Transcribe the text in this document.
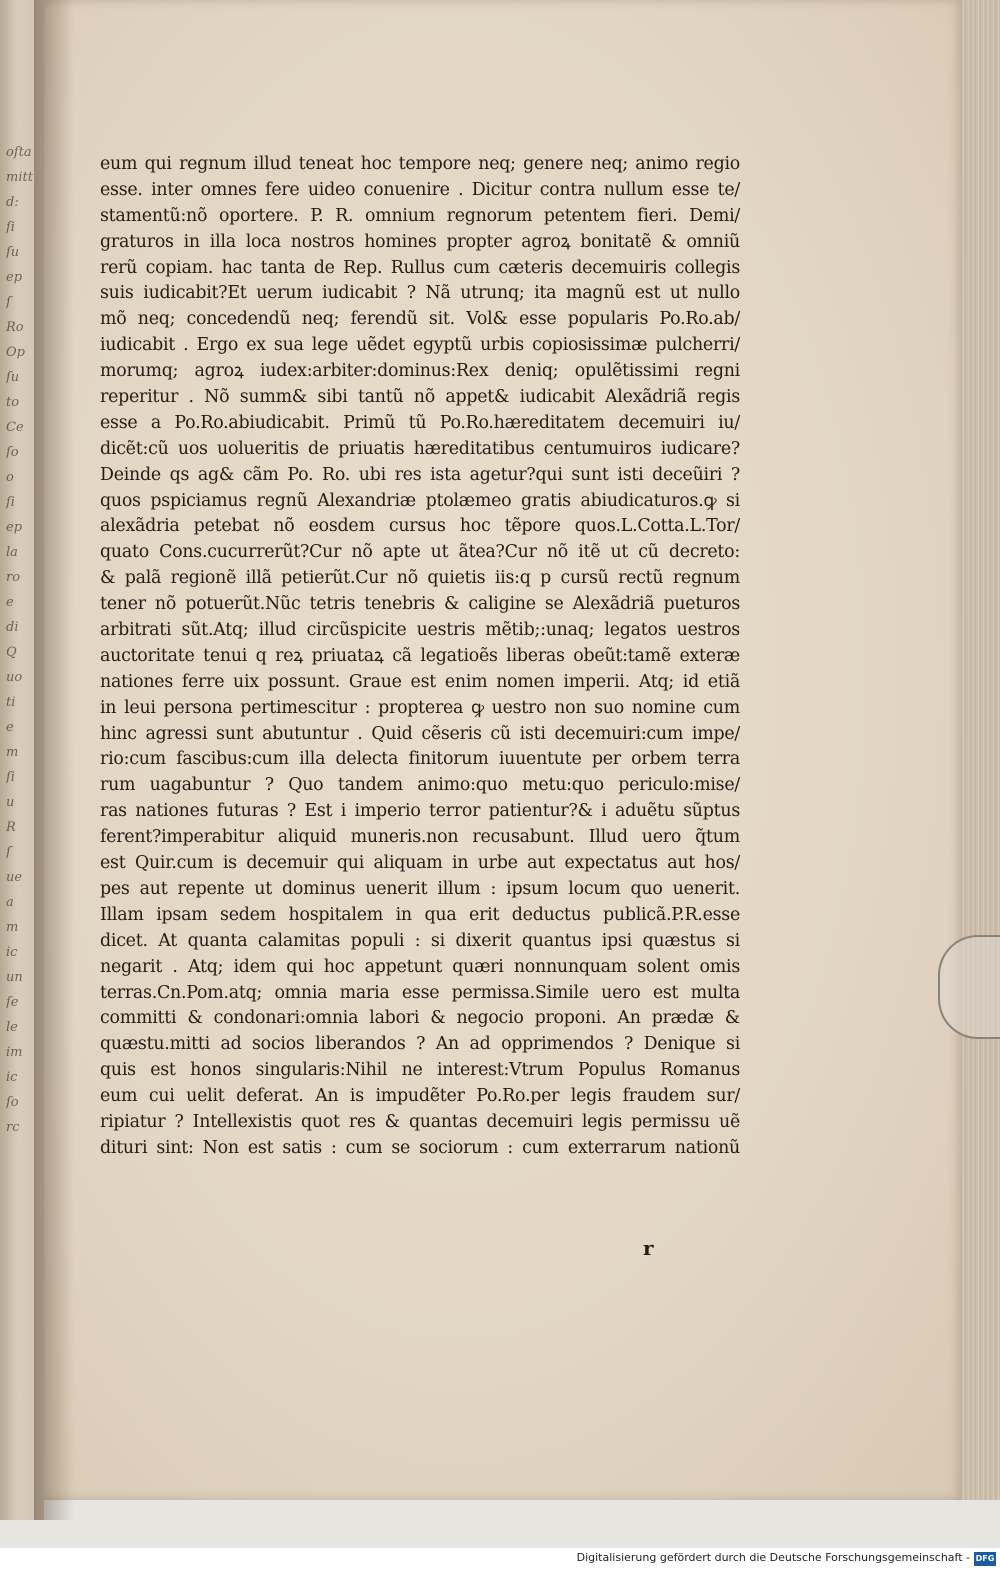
oſta
mitt
d:
ſi
ſu
ep
ſ
Ro
Op
ſu
to
Ce
ſo
o
ſi
ep
la
ro
e
di
Q
uo
ti
e
m
ſi
u
R
ſ
ue
a
m
ic
un
ſe
le
im
ic
ſo
rc
eum qui regnum illud teneat hoc tempore neq; genere neq; animo regio
esse. inter omnes fere uideo conuenire . Dicitur contra nullum esse te/
stamentũ:nõ oportere. P. R. omnium regnorum petentem fieri. Demi/
graturos in illa loca nostros homines propter agroꝝ bonitatẽ & omniũ
rerũ copiam. hac tanta de Rep. Rullus cum cæteris decemuiris collegis
suis iudicabit?Et uerum iudicabit ? Nã utrunq; ita magnũ est ut nullo
mõ neq; concedendũ neq; ferendũ sit. Vol& esse popularis Po.Ro.ab/
iudicabit . Ergo ex sua lege uẽdet egyptũ urbis copiosissimæ pulcherri/
morumq; agroꝝ iudex:arbiter:dominus:Rex deniq; opulẽtissimi regni
reperitur . Nõ summ& sibi tantũ nõ appet& iudicabit Alexãdriã regis
esse a Po.Ro.abiudicabit. Primũ tũ Po.Ro.hæreditatem decemuiri iu/
dicẽt:cũ uos uolueritis de priuatis hæreditatibus centumuiros iudicare?
Deinde qs ag& cãm Po. Ro. ubi res ista agetur?qui sunt isti deceũiri ?
quos pspiciamus regnũ Alexandriæ ptolæmeo gratis abiudicaturos.ꝙ si
alexãdria petebat nõ eosdem cursus hoc tẽpore quos.L.Cotta.L.Tor/
quato Cons.cucurrerũt?Cur nõ apte ut ãtea?Cur nõ itẽ ut cũ decreto:
& palã regionẽ illã petierũt.Cur nõ quietis iis:q p cursũ rectũ regnum
tener nõ potuerũt.Nũc tetris tenebris & caligine se Alexãdriã pueturos
arbitrati sũt.Atq; illud circũspicite uestris mẽtib;:unaq; legatos uestros
auctoritate tenui q reꝝ priuataꝝ cã legatioẽs liberas obeũt:tamẽ exteræ
nationes ferre uix possunt. Graue est enim nomen imperii. Atq; id etiã
in leui persona pertimescitur : propterea ꝙ uestro non suo nomine cum
hinc agressi sunt abutuntur . Quid cẽseris cũ isti decemuiri:cum impe/
rio:cum fascibus:cum illa delecta finitorum iuuentute per orbem terra
rum uagabuntur ? Quo tandem animo:quo metu:quo periculo:mise/
ras nationes futuras ? Est i imperio terror patientur?& i aduẽtu sũptus
ferent?imperabitur aliquid muneris.non recusabunt. Illud uero q̃tum
est Quir.cum is decemuir qui aliquam in urbe aut expectatus aut hos/
pes aut repente ut dominus uenerit illum : ipsum locum quo uenerit.
Illam ipsam sedem hospitalem in qua erit deductus publicã.P.R.esse
dicet. At quanta calamitas populi : si dixerit quantus ipsi quæstus si
negarit . Atq; idem qui hoc appetunt quæri nonnunquam solent omis
terras.Cn.Pom.atq; omnia maria esse permissa.Simile uero est multa
committi & condonari:omnia labori & negocio proponi. An prædæ &
quæstu.mitti ad socios liberandos ? An ad opprimendos ? Denique si
quis est honos singularis:Nihil ne interest:Vtrum Populus Romanus
eum cui uelit deferat. An is impudẽter Po.Ro.per legis fraudem sur/
ripiatur ? Intellexistis quot res & quantas decemuiri legis permissu uẽ
dituri sint: Non est satis : cum se sociorum : cum exterrarum nationũ
r
Digitalisierung gefördert durch die Deutsche Forschungsgemeinschaft - DFG
